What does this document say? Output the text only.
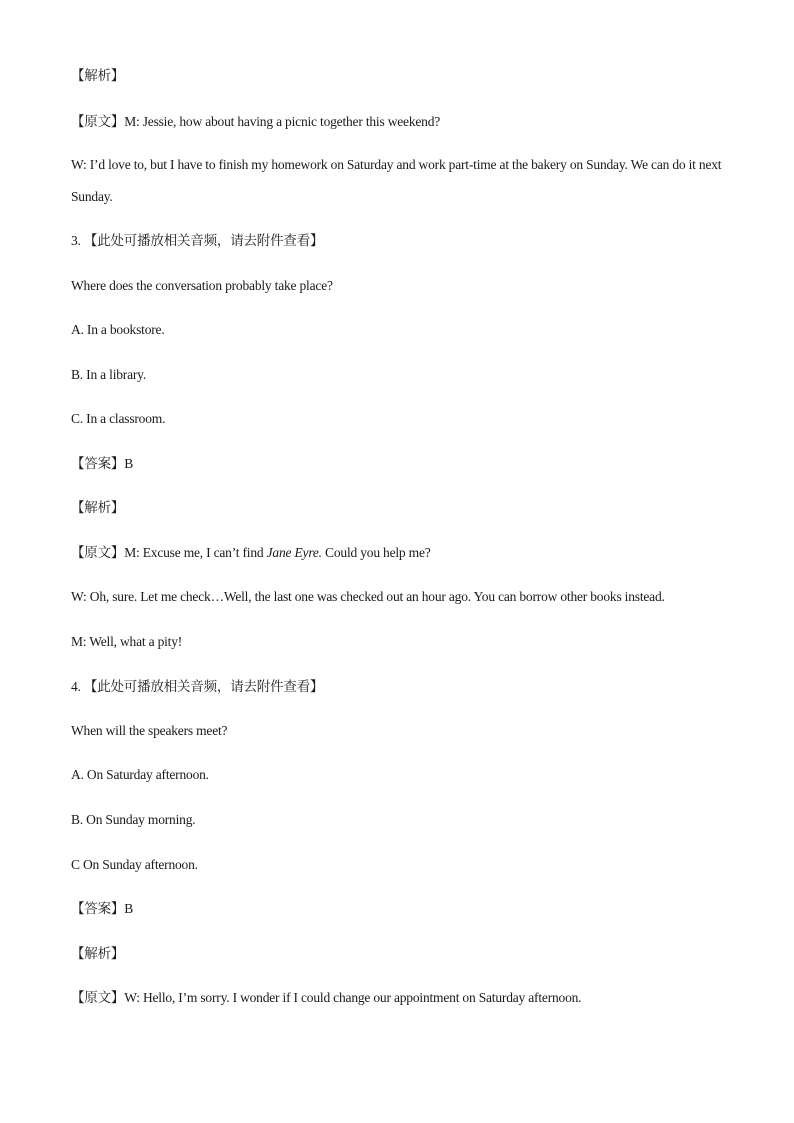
【解析】
【原文】M: Jessie, how about having a picnic together this weekend?
W: I’d love to, but I have to finish my homework on Saturday and work part-time at the bakery on Sunday. We can do it next Sunday.
3. 【此处可播放相关音频，请去附件查看】
Where does the conversation probably take place?
A. In a bookstore.
B. In a library.
C. In a classroom.
【答案】B
【解析】
【原文】M: Excuse me, I can’t find Jane Eyre. Could you help me?
W: Oh, sure. Let me check…Well, the last one was checked out an hour ago. You can borrow other books instead.
M: Well, what a pity!
4. 【此处可播放相关音频，请去附件查看】
When will the speakers meet?
A. On Saturday afternoon.
B. On Sunday morning.
C On Sunday afternoon.
【答案】B
【解析】
【原文】W: Hello, I’m sorry. I wonder if I could change our appointment on Saturday afternoon.
